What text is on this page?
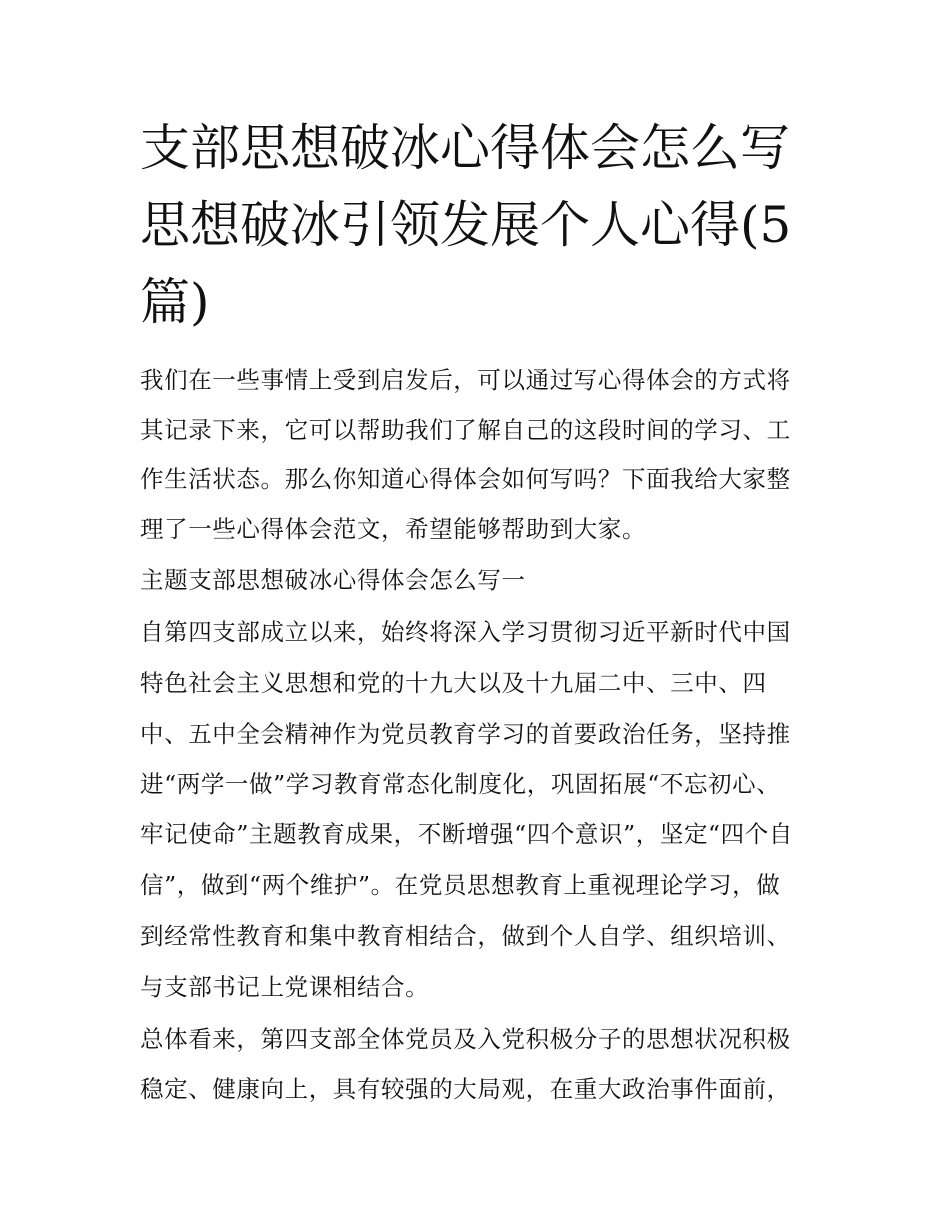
支部思想破冰心得体会怎么写
思想破冰引领发展个人心得(5
篇)
我们在一些事情上受到启发后，可以通过写心得体会的方式将
其记录下来，它可以帮助我们了解自己的这段时间的学习、工
作生活状态。那么你知道心得体会如何写吗？下面我给大家整
理了一些心得体会范文，希望能够帮助到大家。
主题支部思想破冰心得体会怎么写一
自第四支部成立以来，始终将深入学习贯彻习近平新时代中国
特色社会主义思想和党的十九大以及十九届二中、三中、四
中、五中全会精神作为党员教育学习的首要政治任务，坚持推
进“两学一做”学习教育常态化制度化，巩固拓展“不忘初心、
牢记使命”主题教育成果，不断增强“四个意识”，坚定“四个自
信”，做到“两个维护”。在党员思想教育上重视理论学习，做
到经常性教育和集中教育相结合，做到个人自学、组织培训、
与支部书记上党课相结合。
总体看来，第四支部全体党员及入党积极分子的思想状况积极
稳定、健康向上，具有较强的大局观，在重大政治事件面前，
